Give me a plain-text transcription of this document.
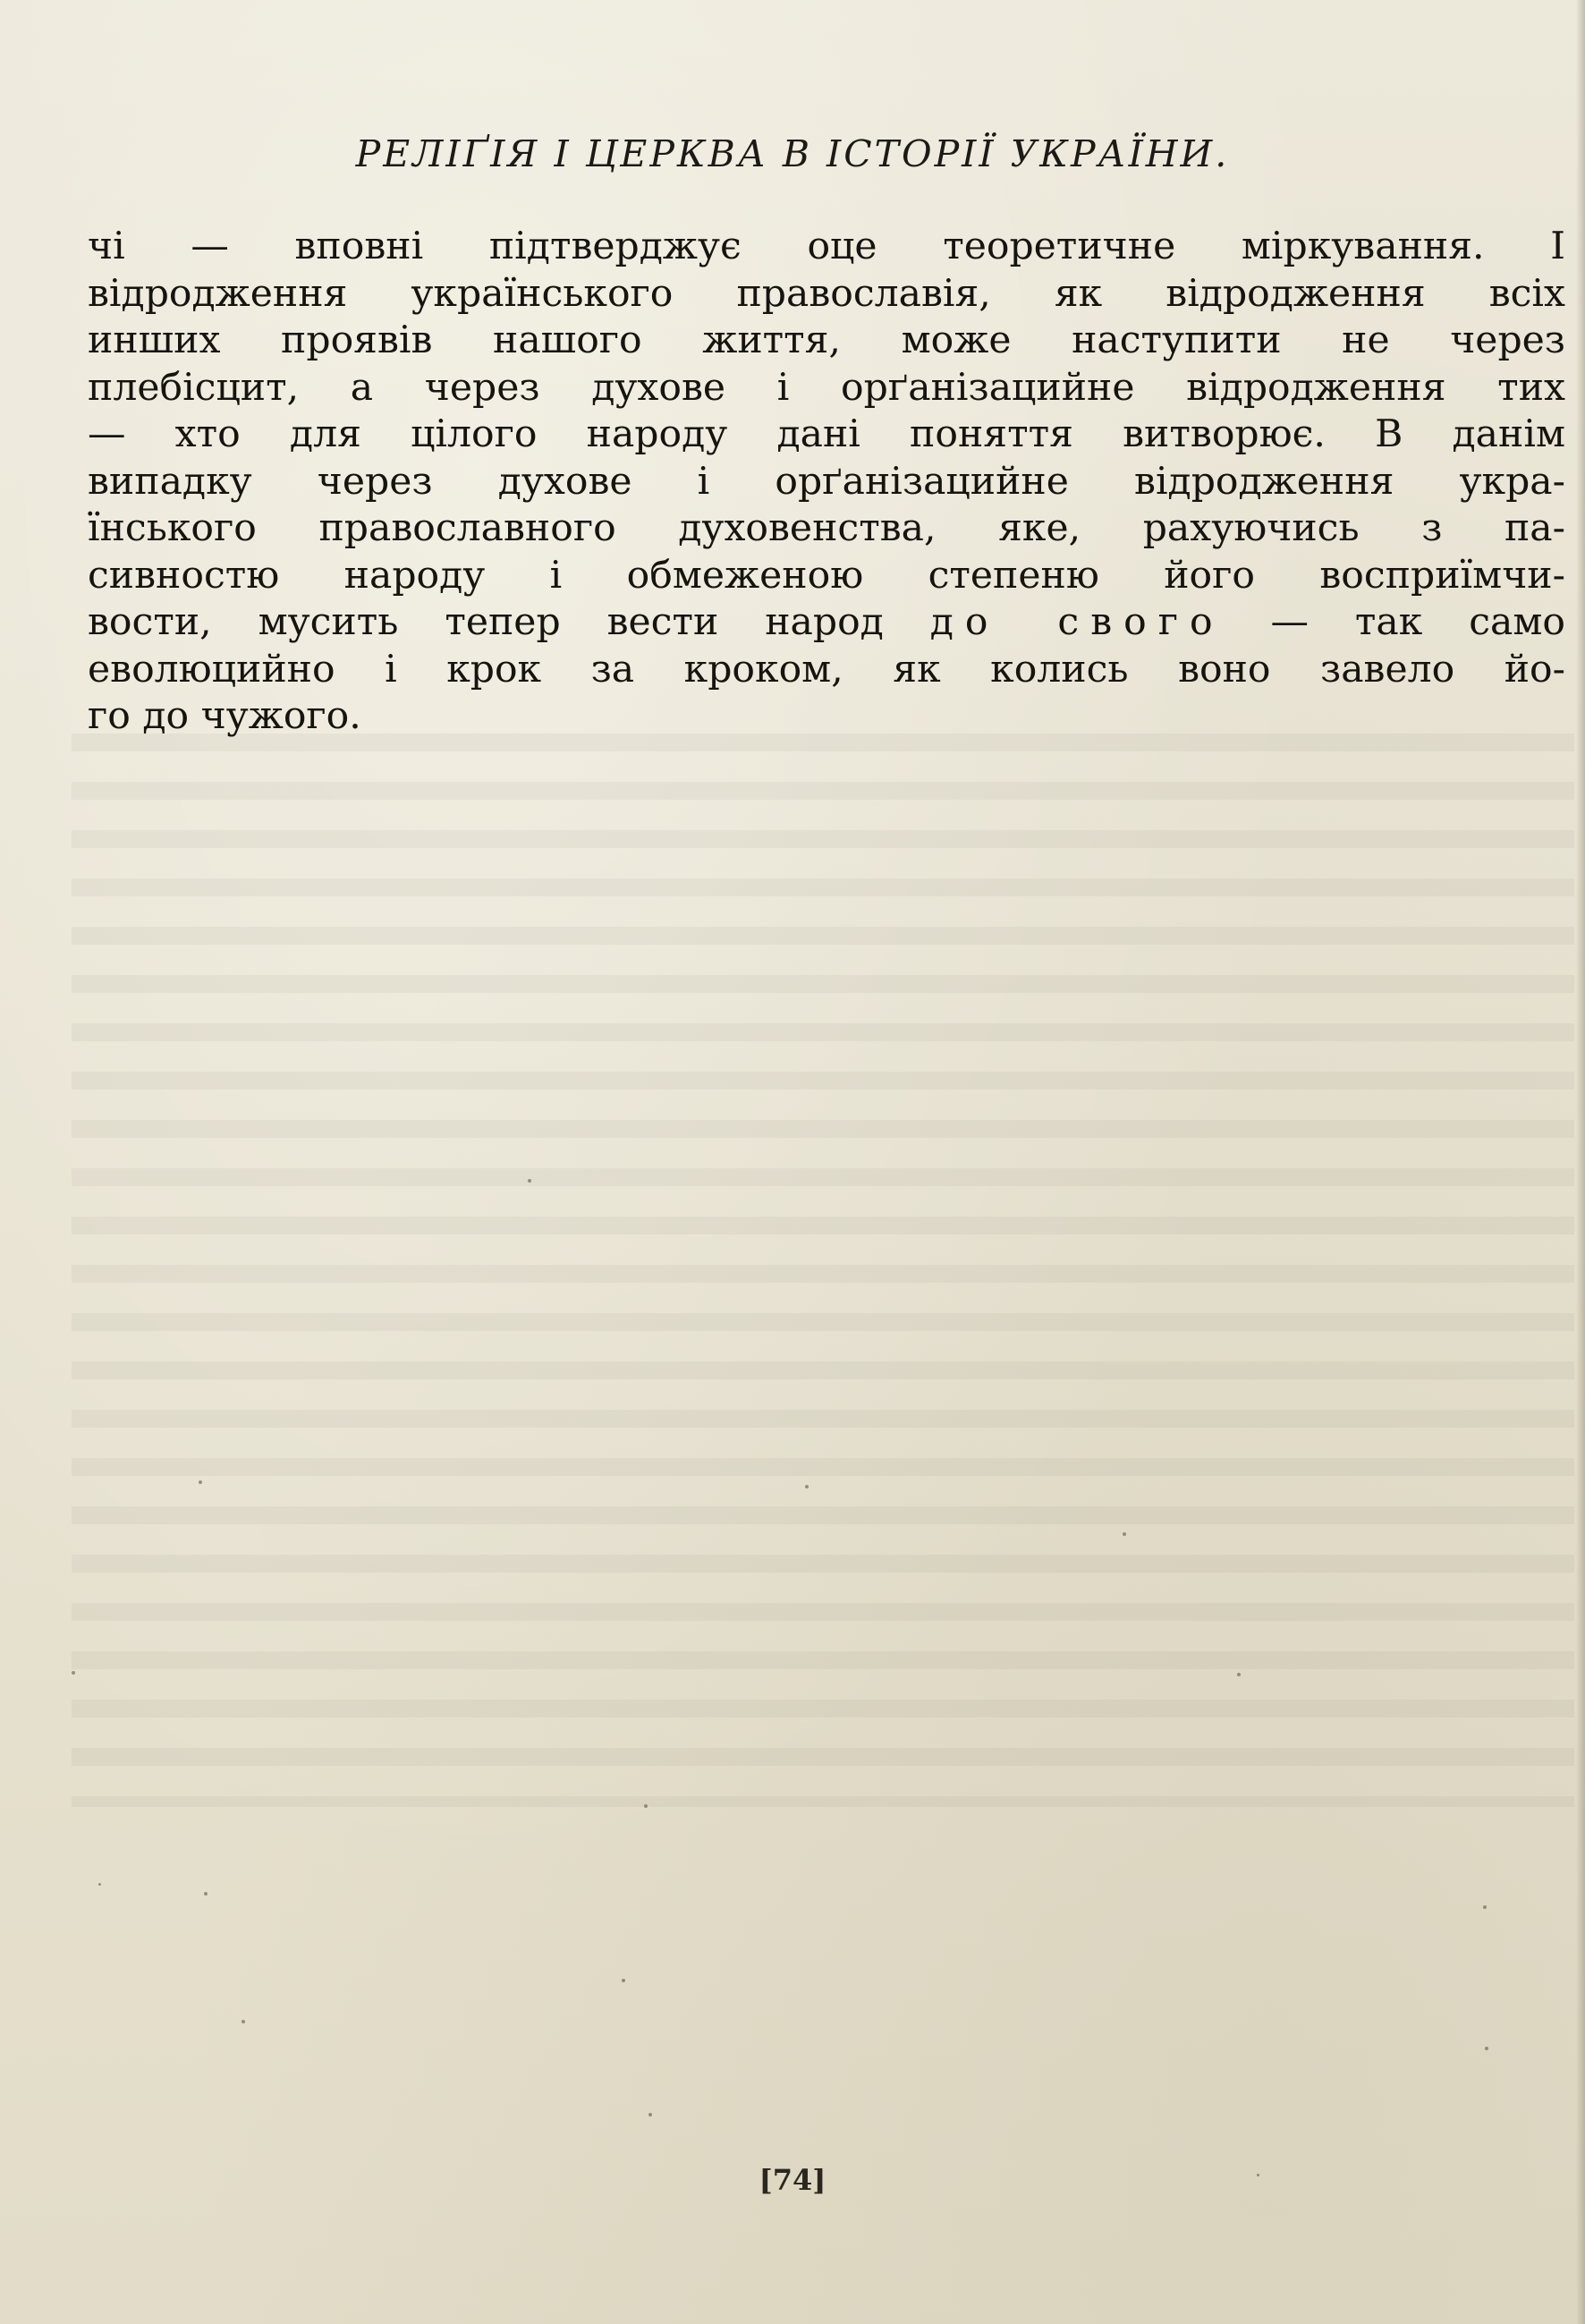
РЕЛІҐІЯ І ЦЕРКВА В ІСТОРІЇ УКРАЇНИ.
чі — вповні підтверджує оце теоретичне міркування. І
відродження українського православія, як відродження всіх
инших проявів нашого життя, може наступити не через
плебісцит, а через духове і орґанізацийне відродження тих
— хто для цілого народу дані поняття витворює. В данім
випадку через духове і орґанізацийне відродження укра-
їнського православного духовенства, яке, рахуючись з па-
сивностю народу і обмеженою степеню його восприїмчи-
вости, мусить тепер вести народ до свого — так само
еволюцийно і крок за кроком, як колись воно завело йо-
го до чужого.
[74]
